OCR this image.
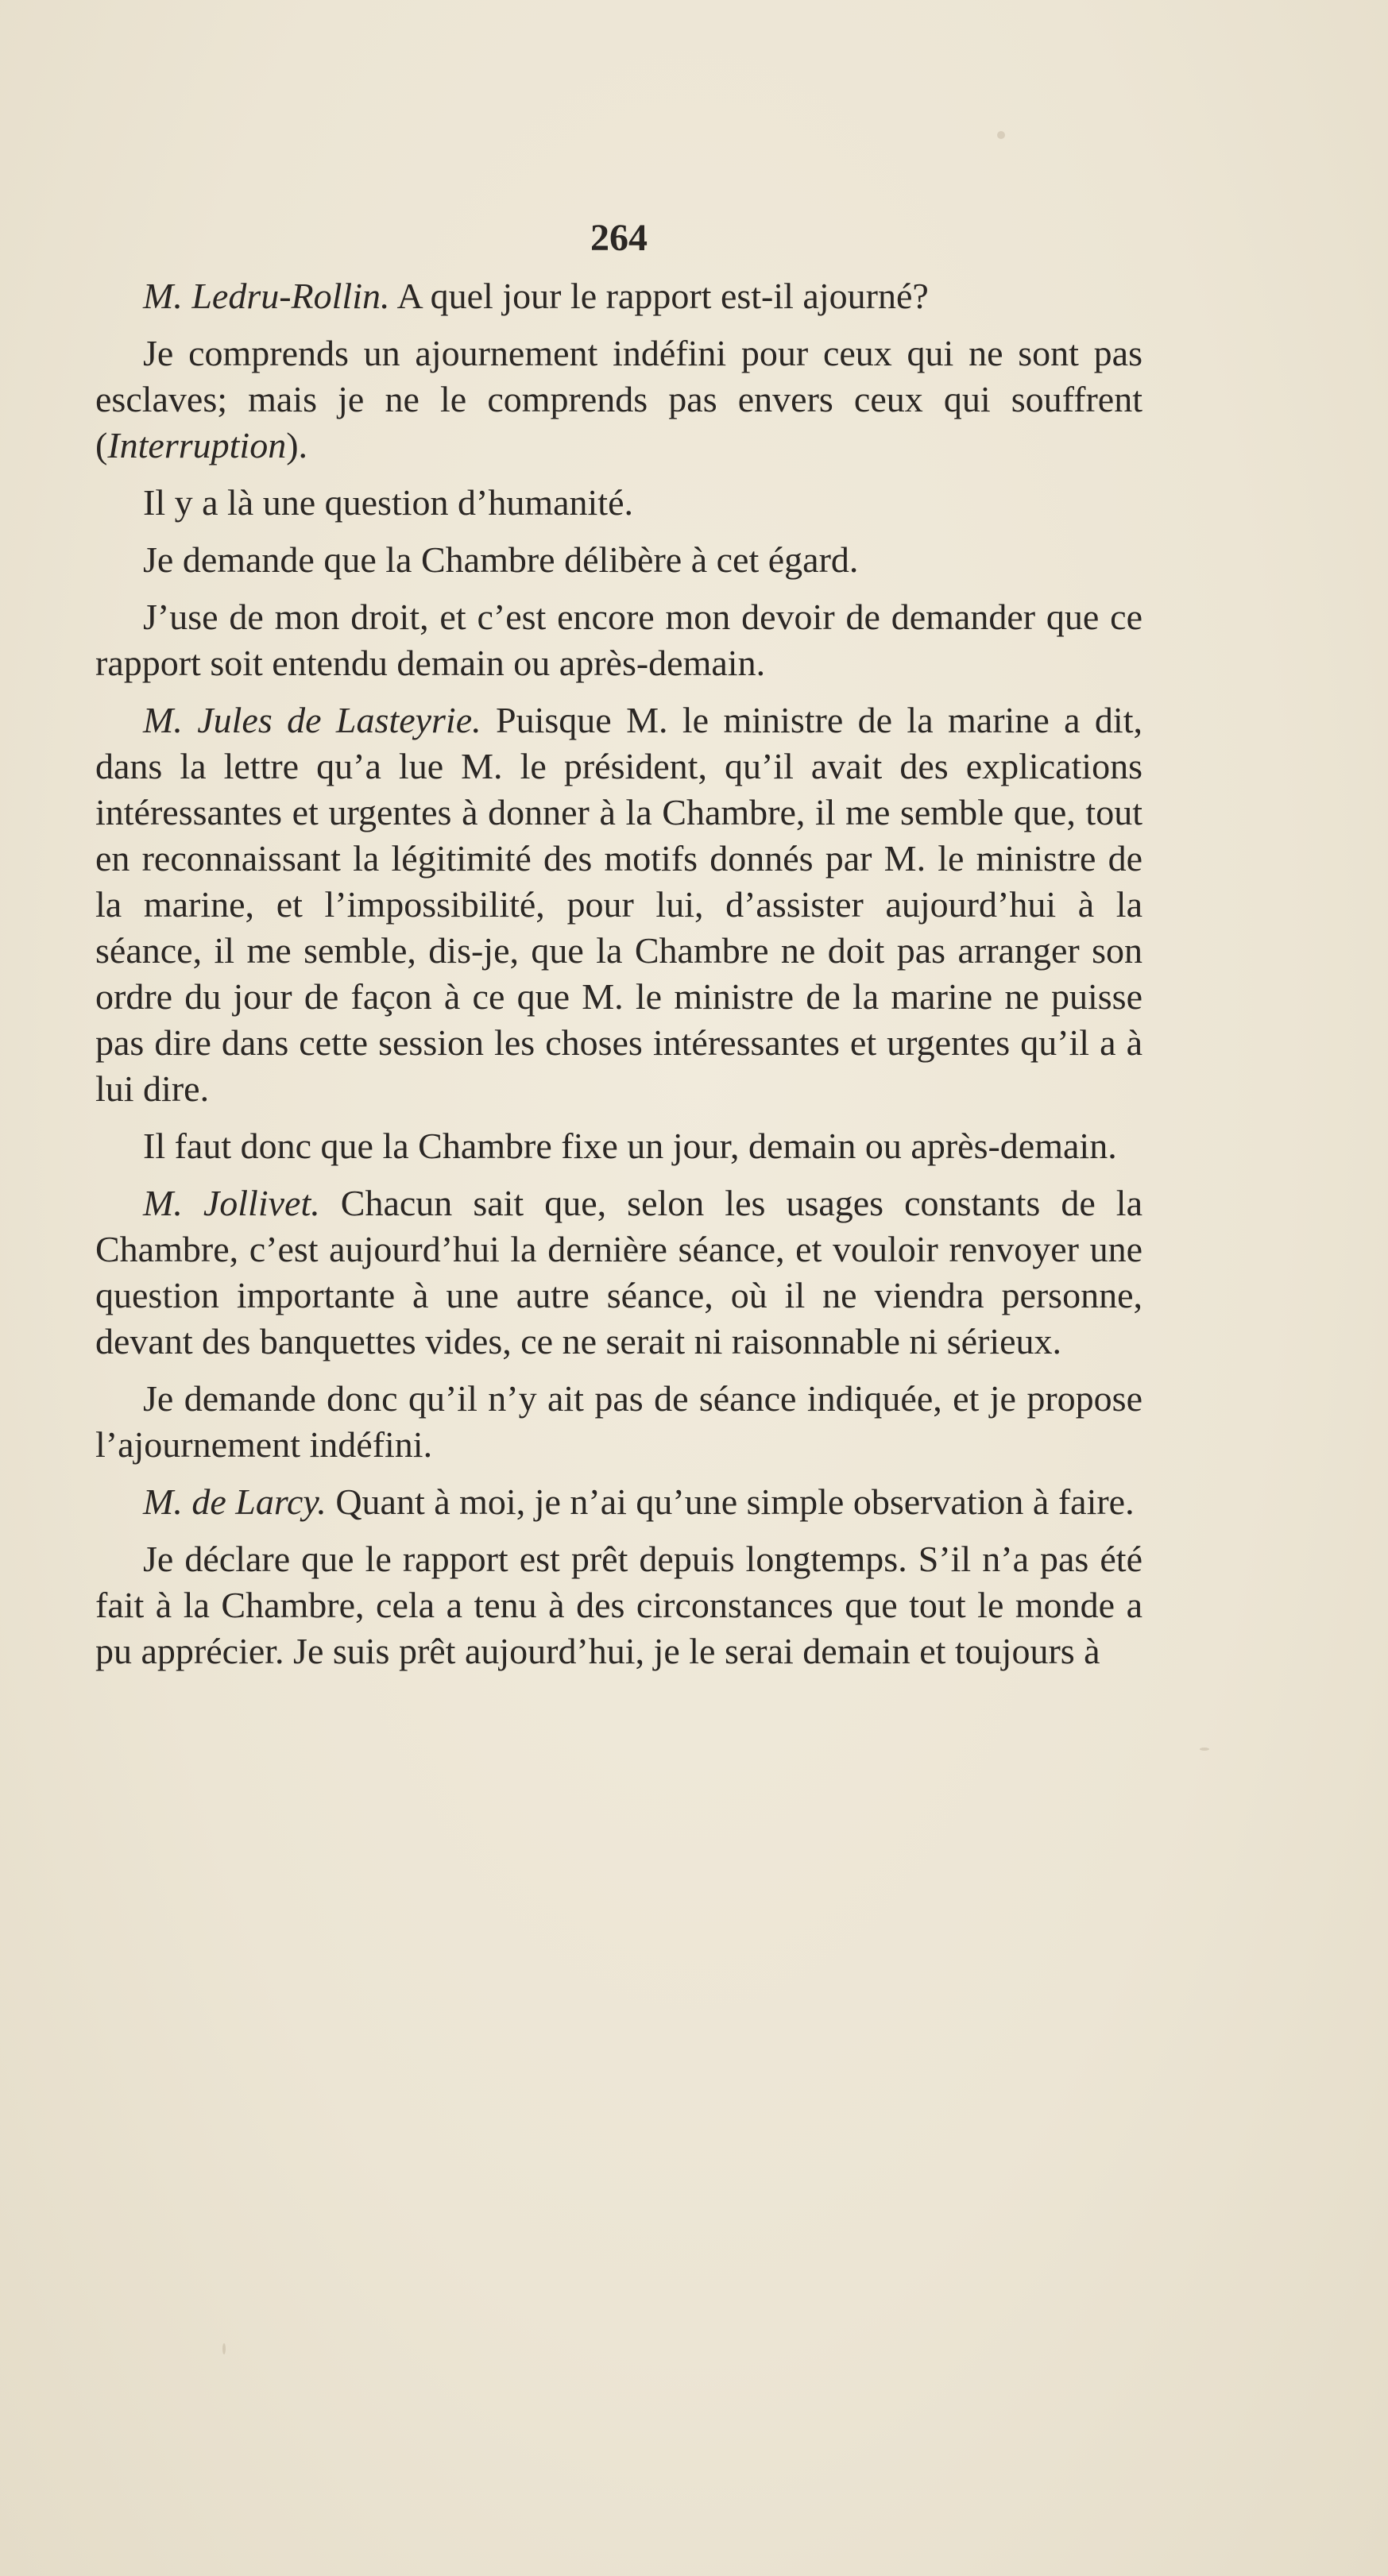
264

M. Ledru-Rollin. A quel jour le rapport est-il ajourné?

Je comprends un ajournement indéfini pour ceux qui ne sont pas esclaves; mais je ne le comprends pas envers ceux qui souffrent (Interruption).

Il y a là une question d’humanité.

Je demande que la Chambre délibère à cet égard.

J’use de mon droit, et c’est encore mon devoir de demander que ce rapport soit entendu demain ou après-demain.

M. Jules de Lasteyrie. Puisque M. le ministre de la marine a dit, dans la lettre qu’a lue M. le président, qu’il avait des explications intéressantes et urgentes à donner à la Chambre, il me semble que, tout en reconnaissant la légitimité des motifs donnés par M. le ministre de la marine, et l’impossibilité, pour lui, d’assister aujourd’hui à la séance, il me semble, dis-je, que la Chambre ne doit pas arranger son ordre du jour de façon à ce que M. le ministre de la marine ne puisse pas dire dans cette session les choses intéressantes et urgentes qu’il a à lui dire.

Il faut donc que la Chambre fixe un jour, demain ou après-demain.

M. Jollivet. Chacun sait que, selon les usages constants de la Chambre, c’est aujourd’hui la dernière séance, et vouloir renvoyer une question importante à une autre séance, où il ne viendra personne, devant des banquettes vides, ce ne serait ni raisonnable ni sérieux.

Je demande donc qu’il n’y ait pas de séance indiquée, et je propose l’ajournement indéfini.

M. de Larcy. Quant à moi, je n’ai qu’une simple observation à faire.

Je déclare que le rapport est prêt depuis longtemps. S’il n’a pas été fait à la Chambre, cela a tenu à des circonstances que tout le monde a pu apprécier. Je suis prêt aujourd’hui, je le serai demain et toujours à
